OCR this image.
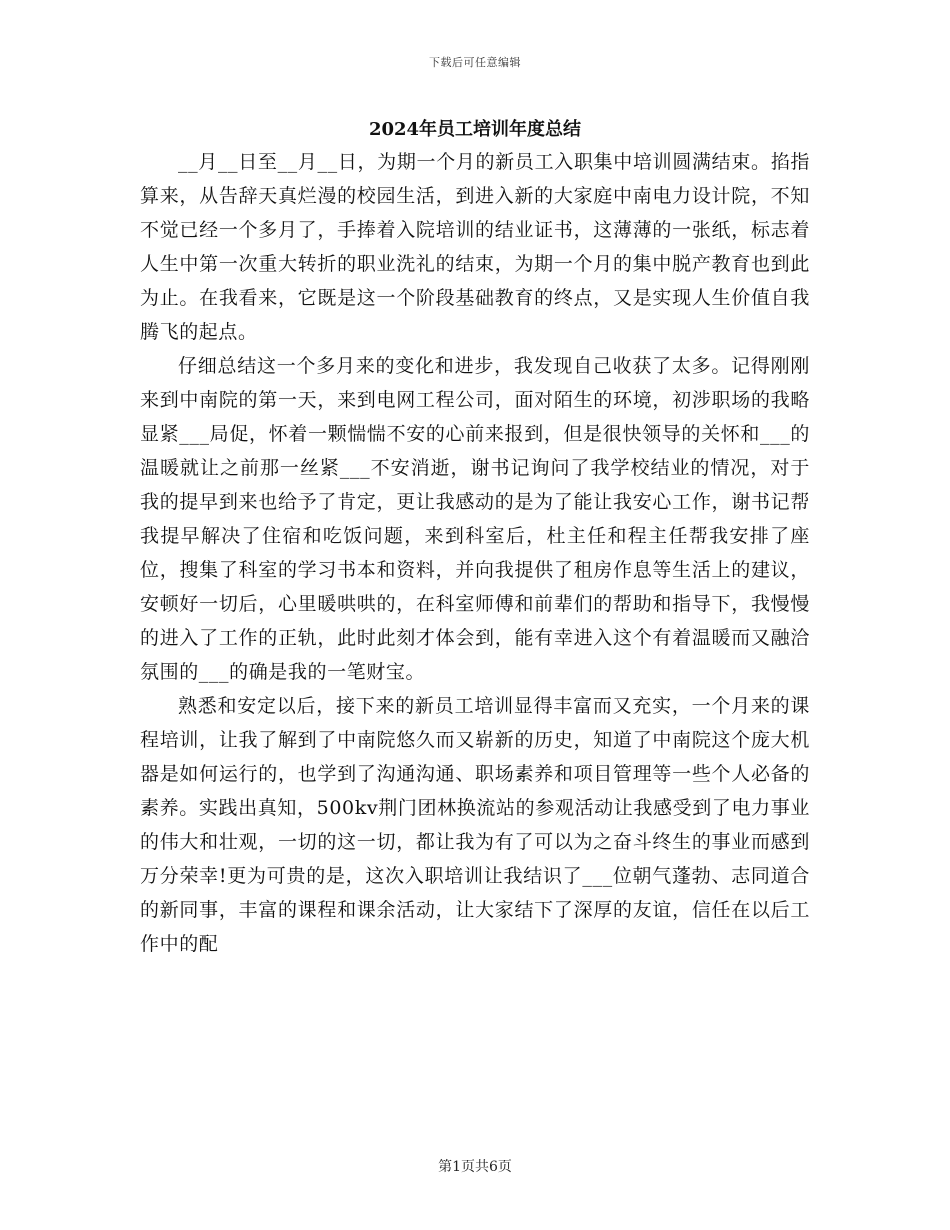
下载后可任意编辑
2024年员工培训年度总结

__月__日至__月__日，为期一个月的新员工入职集中培训圆满结束。掐指算来，从告辞天真烂漫的校园生活，到进入新的大家庭中南电力设计院，不知不觉已经一个多月了，手捧着入院培训的结业证书，这薄薄的一张纸，标志着人生中第一次重大转折的职业洗礼的结束，为期一个月的集中脱产教育也到此为止。在我看来，它既是这一个阶段基础教育的终点，又是实现人生价值自我腾飞的起点。

仔细总结这一个多月来的变化和进步，我发现自己收获了太多。记得刚刚来到中南院的第一天，来到电网工程公司，面对陌生的环境，初涉职场的我略显紧___局促，怀着一颗惴惴不安的心前来报到，但是很快领导的关怀和___的温暖就让之前那一丝紧___不安消逝，谢书记询问了我学校结业的情况，对于我的提早到来也给予了肯定，更让我感动的是为了能让我安心工作，谢书记帮我提早解决了住宿和吃饭问题，来到科室后，杜主任和程主任帮我安排了座位，搜集了科室的学习书本和资料，并向我提供了租房作息等生活上的建议，安顿好一切后，心里暖哄哄的，在科室师傅和前辈们的帮助和指导下，我慢慢的进入了工作的正轨，此时此刻才体会到，能有幸进入这个有着温暖而又融洽氛围的___的确是我的一笔财宝。

熟悉和安定以后，接下来的新员工培训显得丰富而又充实，一个月来的课程培训，让我了解到了中南院悠久而又崭新的历史，知道了中南院这个庞大机器是如何运行的，也学到了沟通沟通、职场素养和项目管理等一些个人必备的素养。实践出真知，500kv荆门团林换流站的参观活动让我感受到了电力事业的伟大和壮观，一切的这一切，都让我为有了可以为之奋斗终生的事业而感到万分荣幸!更为可贵的是，这次入职培训让我结识了___位朝气蓬勃、志同道合的新同事，丰富的课程和课余活动，让大家结下了深厚的友谊，信任在以后工作中的配

第1页共6页
